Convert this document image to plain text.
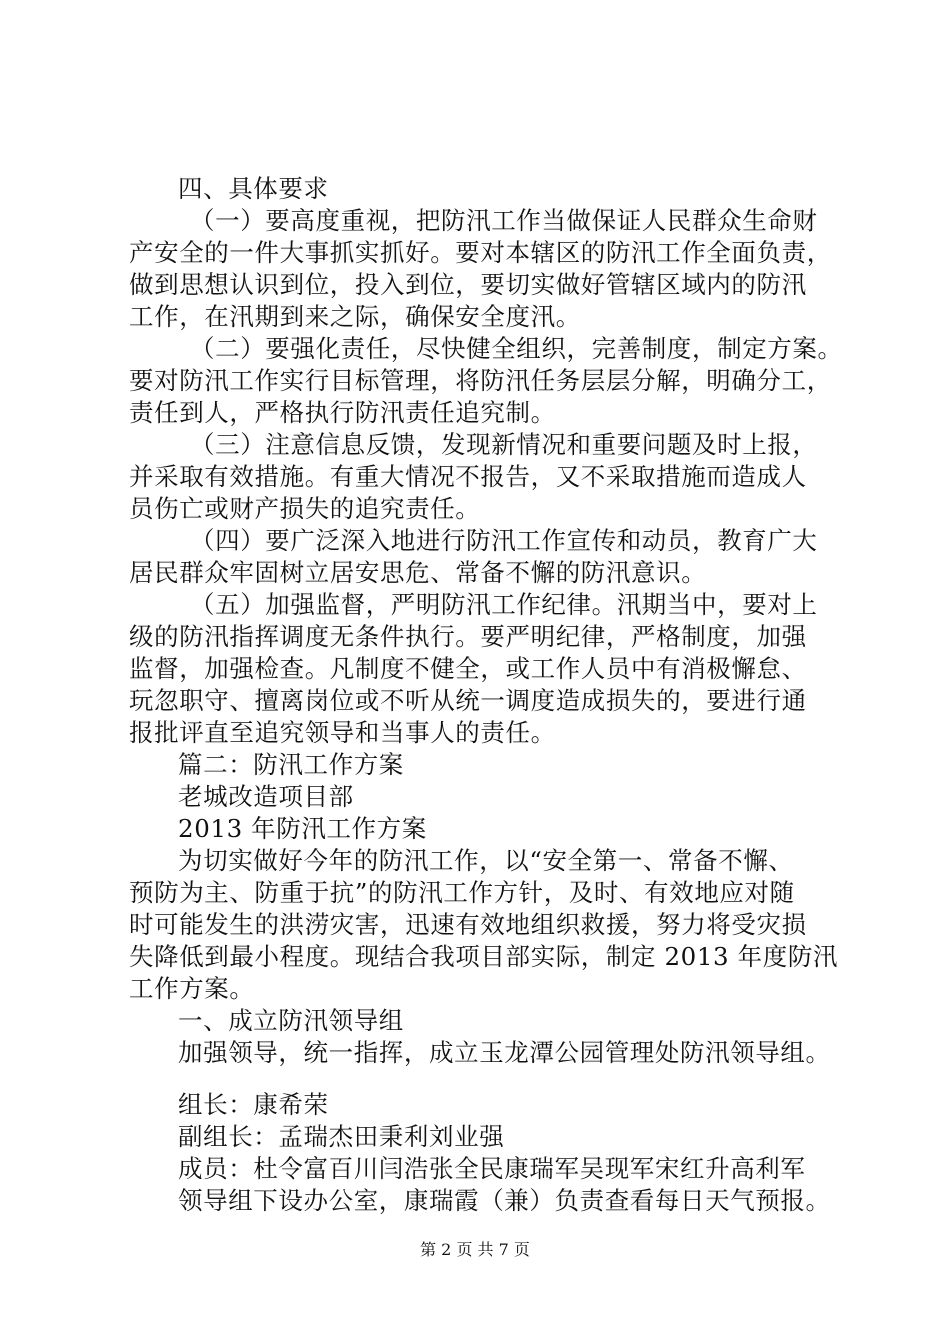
四、具体要求
（一）要高度重视，把防汛工作当做保证人民群众生命财
产安全的一件大事抓实抓好。要对本辖区的防汛工作全面负责，
做到思想认识到位，投入到位，要切实做好管辖区域内的防汛
工作，在汛期到来之际，确保安全度汛。
（二）要强化责任，尽快健全组织，完善制度，制定方案。
要对防汛工作实行目标管理，将防汛任务层层分解，明确分工，
责任到人，严格执行防汛责任追究制。
（三）注意信息反馈，发现新情况和重要问题及时上报，
并采取有效措施。有重大情况不报告，又不采取措施而造成人
员伤亡或财产损失的追究责任。
（四）要广泛深入地进行防汛工作宣传和动员，教育广大
居民群众牢固树立居安思危、常备不懈的防汛意识。
（五）加强监督，严明防汛工作纪律。汛期当中，要对上
级的防汛指挥调度无条件执行。要严明纪律，严格制度，加强
监督，加强检查。凡制度不健全，或工作人员中有消极懈怠、
玩忽职守、擅离岗位或不听从统一调度造成损失的，要进行通
报批评直至追究领导和当事人的责任。
篇二：防汛工作方案
老城改造项目部
2013 年防汛工作方案
为切实做好今年的防汛工作，以“安全第一、常备不懈、
预防为主、防重于抗”的防汛工作方针，及时、有效地应对随
时可能发生的洪涝灾害，迅速有效地组织救援，努力将受灾损
失降低到最小程度。现结合我项目部实际，制定 2013 年度防汛
工作方案。
一、成立防汛领导组
加强领导，统一指挥，成立玉龙潭公园管理处防汛领导组。
组长：康希荣
副组长：孟瑞杰田秉利刘业强
成员：杜令富百川闫浩张全民康瑞军吴现军宋红升高利军
领导组下设办公室，康瑞霞（兼）负责查看每日天气预报。
第 2 页 共 7 页
